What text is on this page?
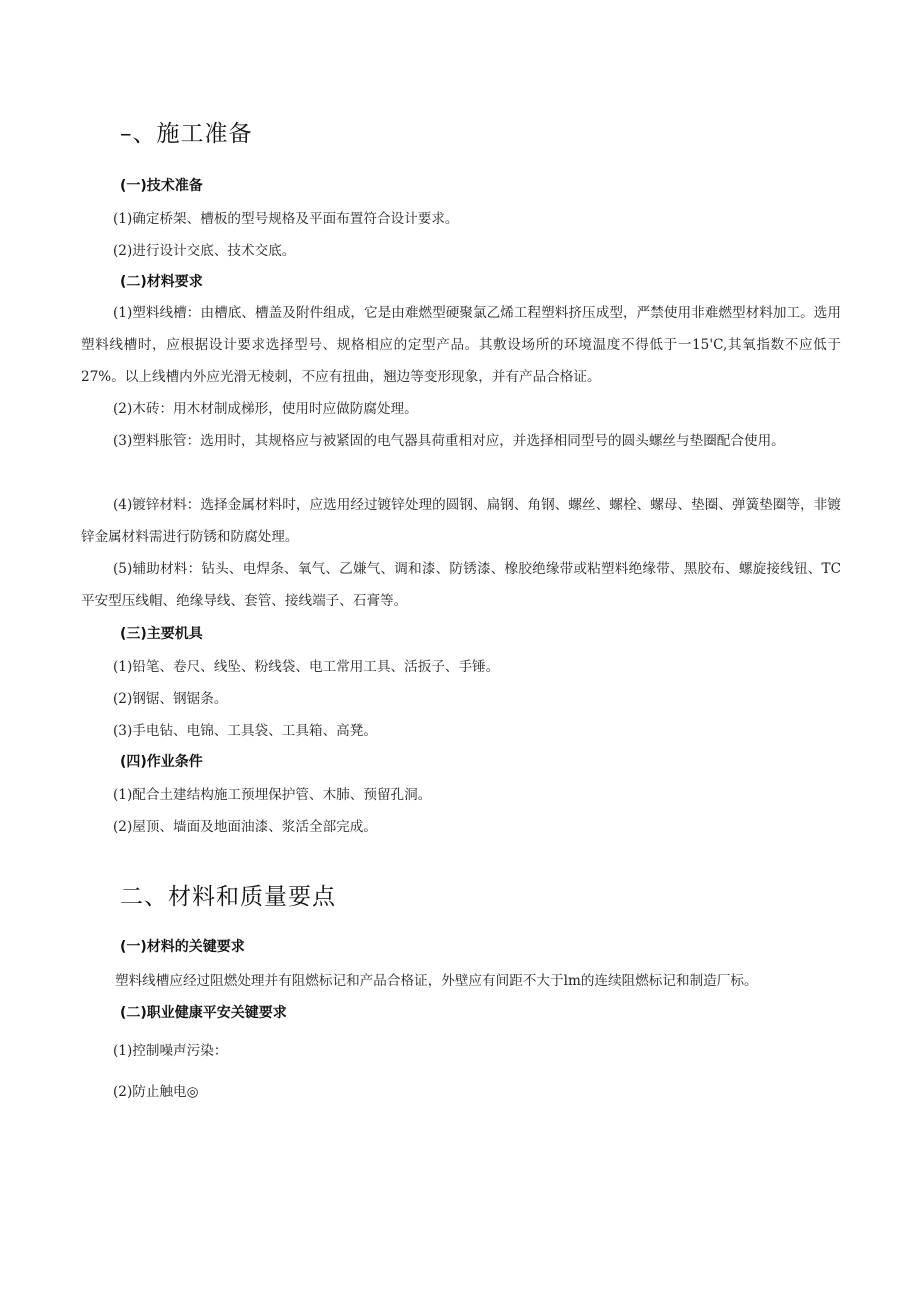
–、施工准备
(一)技术准备
(1)确定桥架、槽板的型号规格及平面布置符合设计要求。
(2)进行设计交底、技术交底。
(二)材料要求

(1)塑料线槽：由槽底、槽盖及附件组成，它是由难燃型硬聚氯乙烯工程塑料挤压成型，严禁使用非难燃型材料加工。选用塑料线槽时，应根据设计要求选择型号、规格相应的定型产品。其敷设场所的环境温度不得低于一15'C,其氧指数不应低于27%。以上线槽内外应光滑无棱刺，不应有扭曲，翘边等变形现象，并有产品合格证。

(2)木砖：用木材制成梯形，使用时应做防腐处理。

(3)塑料胀管：选用时，其规格应与被紧固的电气器具荷重相对应，并选择相同型号的圆头螺丝与垫圈配合使用。

(4)镀锌材料：选择金属材料时，应选用经过镀锌处理的圆钢、扁钢、角钢、螺丝、螺栓、螺母、垫圈、弹簧垫圈等，非镀锌金属材料需进行防锈和防腐处理。

(5)辅助材料：钻头、电焊条、氧气、乙嫌气、调和漆、防锈漆、橡胶绝缘带或粘塑料绝缘带、黑胶布、螺旋接线钮、TC平安型压线帽、绝缘导线、套管、接线端子、石膏等。

(三)主要机具
(1)铅笔、卷尺、线坠、粉线袋、电工常用工具、活扳子、手锤。
(2)钢锯、钢锯条。
(3)手电钻、电锦、工具袋、工具箱、高凳。
(四)作业条件
(1)配合土建结构施工预埋保护管、木肺、预留孔洞。
(2)屋顶、墙面及地面油漆、浆活全部完成。
二、材料和质量要点
(一)材料的关键要求
塑料线槽应经过阻燃处理并有阻燃标记和产品合格证，外壁应有间距不大于lm的连续阻燃标记和制造厂标。
(二)职业健康平安关键要求
(1)控制噪声污染：
(2)防止触电◎
